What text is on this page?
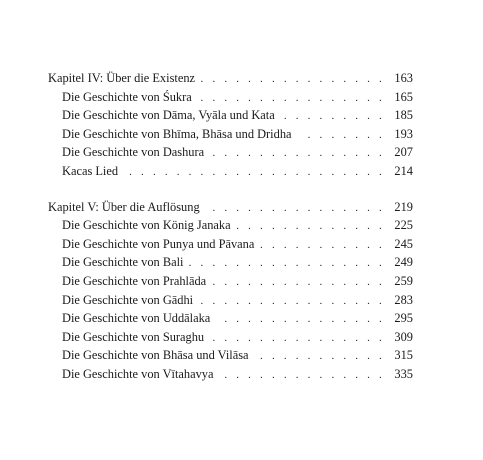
Kapitel IV: Über die Existenz . . .	163
Die Geschichte von Śukra . . .	165
Die Geschichte von Dāma, Vyāla und Kata . . .	185
Die Geschichte von Bhīma, Bhāsa und Dridha . . .	193
Die Geschichte von Dashura . . .	207
Kacas Lied . . .	214
Kapitel V: Über die Auflösung . . .	219
Die Geschichte von König Janaka . . .	225
Die Geschichte von Punya und Pāvana . . .	245
Die Geschichte von Bali . . .	249
Die Geschichte von Prahlāda . . .	259
Die Geschichte von Gādhi . . .	283
Die Geschichte von Uddālaka . . .	295
Die Geschichte von Suraghu . . .	309
Die Geschichte von Bhāsa und Vilāsa . . .	315
Die Geschichte von Vītahavya . . .	335
